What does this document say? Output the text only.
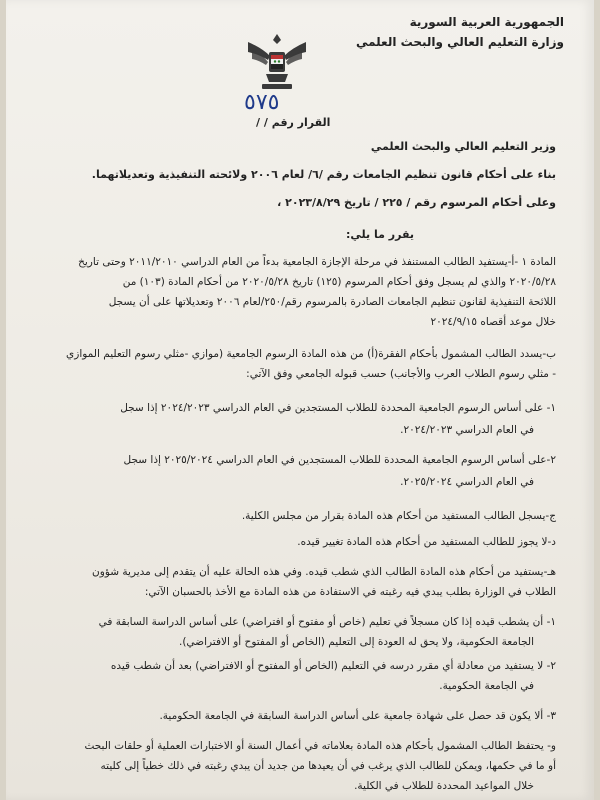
الجمهورية العربية السورية
وزارة التعليم العالي والبحث العلمي
٥٧٥
القرار رقم / /
وزير التعليم العالي والبحث العلمي
بناء على أحكام قانون تنظيم الجامعات رقم /٦/ لعام ٢٠٠٦ ولائحته التنفيذية وتعديلاتهما.
وعلى أحكام المرسوم رقم / ٢٢٥ / تاريخ ٢٠٢٣/٨/٢٩ ،
يقرر ما يلي:
المادة ١ -أ-يستفيد الطالب المستنفذ في مرحلة الإجازة الجامعية بدءاً من العام الدراسي ٢٠١١/٢٠١٠ وحتى تاريخ
٢٠٢٠/٥/٢٨ والذي لم يسجل وفق أحكام المرسوم (١٢٥) تاريخ ٢٠٢٠/٥/٢٨ من أحكام المادة (١٠٣) من
اللائحة التنفيذية لقانون تنظيم الجامعات الصادرة بالمرسوم رقم/٢٥٠/لعام ٢٠٠٦ وتعديلاتها على أن يسجل
خلال موعد أقصاه ٢٠٢٤/٩/١٥
ب-يسدد الطالب المشمول بأحكام الفقرة(أ) من هذه المادة الرسوم الجامعية (موازي -مثلي رسوم التعليم الموازي
- مثلي رسوم الطلاب العرب والأجانب) حسب قبوله الجامعي وفق الآتي:
١- على أساس الرسوم الجامعية المحددة للطلاب المستجدين في العام الدراسي ٢٠٢٤/٢٠٢٣ إذا سجل
في العام الدراسي ٢٠٢٤/٢٠٢٣.
٢-على أساس الرسوم الجامعية المحددة للطلاب المستجدين في العام الدراسي ٢٠٢٥/٢٠٢٤ إذا سجل
في العام الدراسي ٢٠٢٥/٢٠٢٤.
ج-يسجل الطالب المستفيد من أحكام هذه المادة بقرار من مجلس الكلية.
د-لا يجوز للطالب المستفيد من أحكام هذه المادة تغيير قيده.
هـ-يستفيد من أحكام هذه المادة الطالب الذي شطب قيده. وفي هذه الحالة عليه أن يتقدم إلى مديرية شؤون
الطلاب في الوزارة بطلب يبدي فيه رغبته في الاستفادة من هذه المادة مع الأخذ بالحسبان الآتي:
١- أن يشطب قيده إذا كان مسجلاً في تعليم (خاص أو مفتوح أو افتراضي) على أساس الدراسة السابقة في
الجامعة الحكومية، ولا يحق له العودة إلى التعليم (الخاص أو المفتوح أو الافتراضي).
٢- لا يستفيد من معادلة أي مقرر درسه في التعليم (الخاص أو المفتوح أو الافتراضي) بعد أن شطب قيده
في الجامعة الحكومية.
٣- ألا يكون قد حصل على شهادة جامعية على أساس الدراسة السابقة في الجامعة الحكومية.
و- يحتفظ الطالب المشمول بأحكام هذه المادة بعلاماته في أعمال السنة أو الاختبارات العملية أو حلقات البحث
أو ما في حكمها، ويمكن للطالب الذي يرغب في أن يعيدها من جديد أن يبدي رغبته في ذلك خطياً إلى كليته
خلال المواعيد المحددة للطلاب في الكلية.
